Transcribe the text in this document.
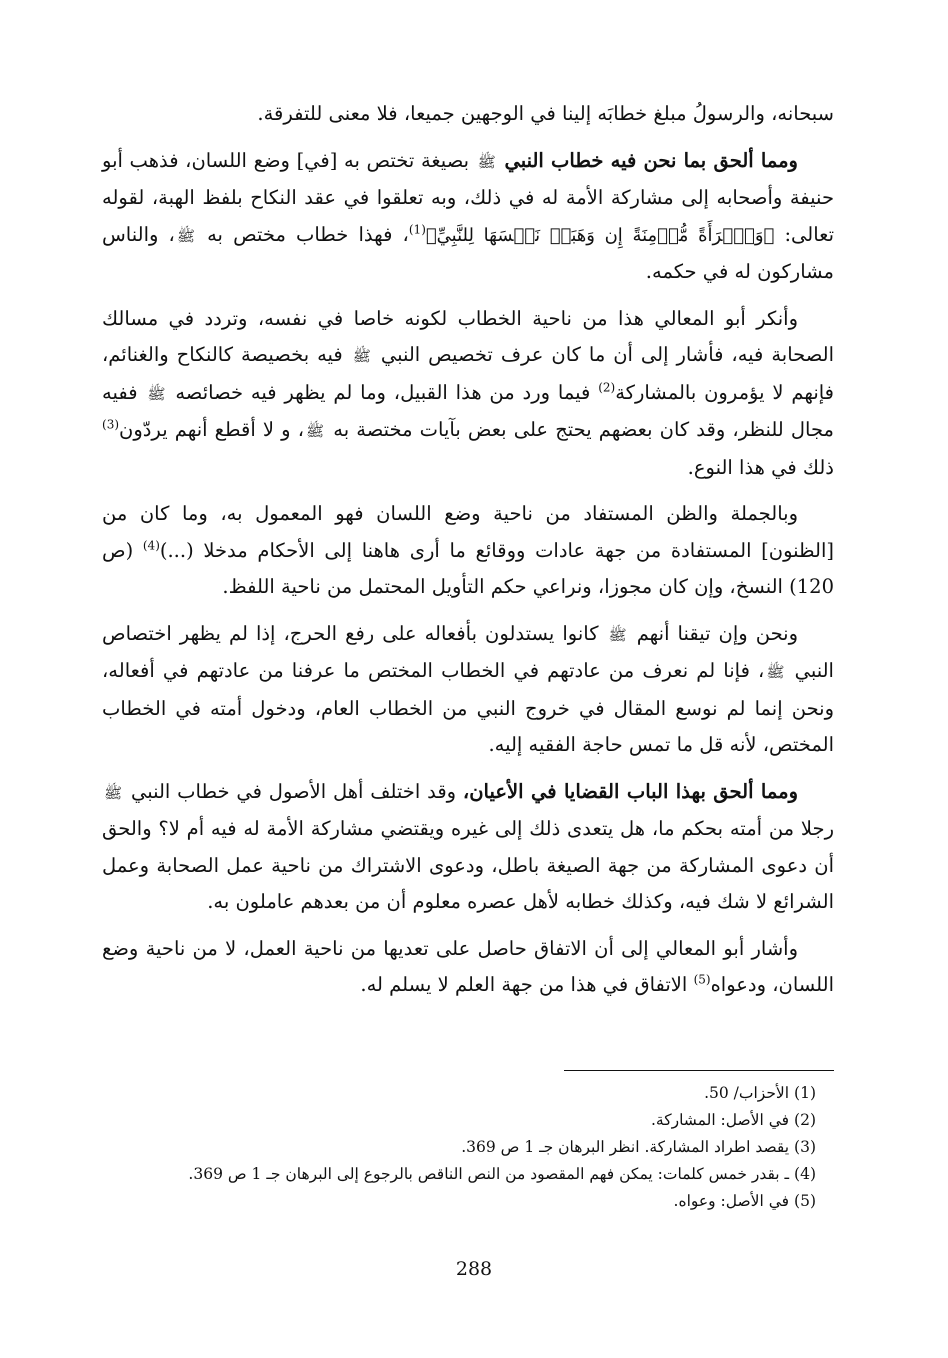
سبحانه، والرسولُ مبلغ خطابَه إلينا في الوجهين جميعا، فلا معنى للتفرقة.

ومما ألحق بما نحن فيه خطاب النبي ﷺ بصيغة تختص به [في] وضع اللسان، فذهب أبو حنيفة وأصحابه إلى مشاركة الأمة له في ذلك، وبه تعلقوا في عقد النكاح بلفظ الهبة، لقوله تعالى: ﴿وَٱمۡرَأَةً مُّؤۡمِنَةً إِن وَهَبَتۡ نَفۡسَهَا لِلنَّبِيِّ﴾$^{(1)}$، فهذا خطاب مختص به ﷺ، والناس مشاركون له في حكمه.

وأنكر أبو المعالي هذا من ناحية الخطاب لكونه خاصا في نفسه، وتردد في مسالك الصحابة فيه، فأشار إلى أن ما كان عرف تخصيص النبي ﷺ فيه بخصيصة كالنكاح والغنائم، فإنهم لا يؤمرون بالمشاركة$^{(2)}$ فيما ورد من هذا القبيل، وما لم يظهر فيه خصائصه ﷺ ففيه مجال للنظر، وقد كان بعضهم يحتج على بعض بآيات مختصة به ﷺ، و لا أقطع أنهم يردّون$^{(3)}$ ذلك في هذا النوع.

وبالجملة والظن المستفاد من ناحية وضع اللسان فهو المعمول به، وما كان من [الظنون] المستفادة من جهة عادات ووقائع ما أرى هاهنا إلى الأحكام مدخلا (...)$^{(4)}$ (ص 120) النسخ، وإن كان مجوزا، ونراعي حكم التأويل المحتمل من ناحية اللفظ.

ونحن وإن تيقنا أنهم ﷺ كانوا يستدلون بأفعاله على رفع الحرج، إذا لم يظهر اختصاص النبي ﷺ، فإنا لم نعرف من عادتهم في الخطاب المختص ما عرفنا من عادتهم في أفعاله، ونحن إنما لم نوسع المقال في خروج النبي من الخطاب العام، ودخول أمته في الخطاب المختص، لأنه قل ما تمس حاجة الفقيه إليه.

ومما ألحق بهذا الباب القضايا في الأعيان، وقد اختلف أهل الأصول في خطاب النبي ﷺ رجلا من أمته بحكم ما، هل يتعدى ذلك إلى غيره ويقتضي مشاركة الأمة له فيه أم لا؟ والحق أن دعوى المشاركة من جهة الصيغة باطل، ودعوى الاشتراك من ناحية عمل الصحابة وعمل الشرائع لا شك فيه، وكذلك خطابه لأهل عصره معلوم أن من بعدهم عاملون به.

وأشار أبو المعالي إلى أن الاتفاق حاصل على تعديها من ناحية العمل، لا من ناحية وضع اللسان، ودعواه$^{(5)}$ الاتفاق في هذا من جهة العلم لا يسلم له.

(1) الأحزاب/ 50.
(2) في الأصل: المشاركة.
(3) يقصد اطراد المشاركة. انظر البرهان جـ 1 ص 369.
(4) ـ بقدر خمس كلمات: يمكن فهم المقصود من النص الناقص بالرجوع إلى البرهان جـ 1 ص 369.
(5) في الأصل: وعواه.
288
